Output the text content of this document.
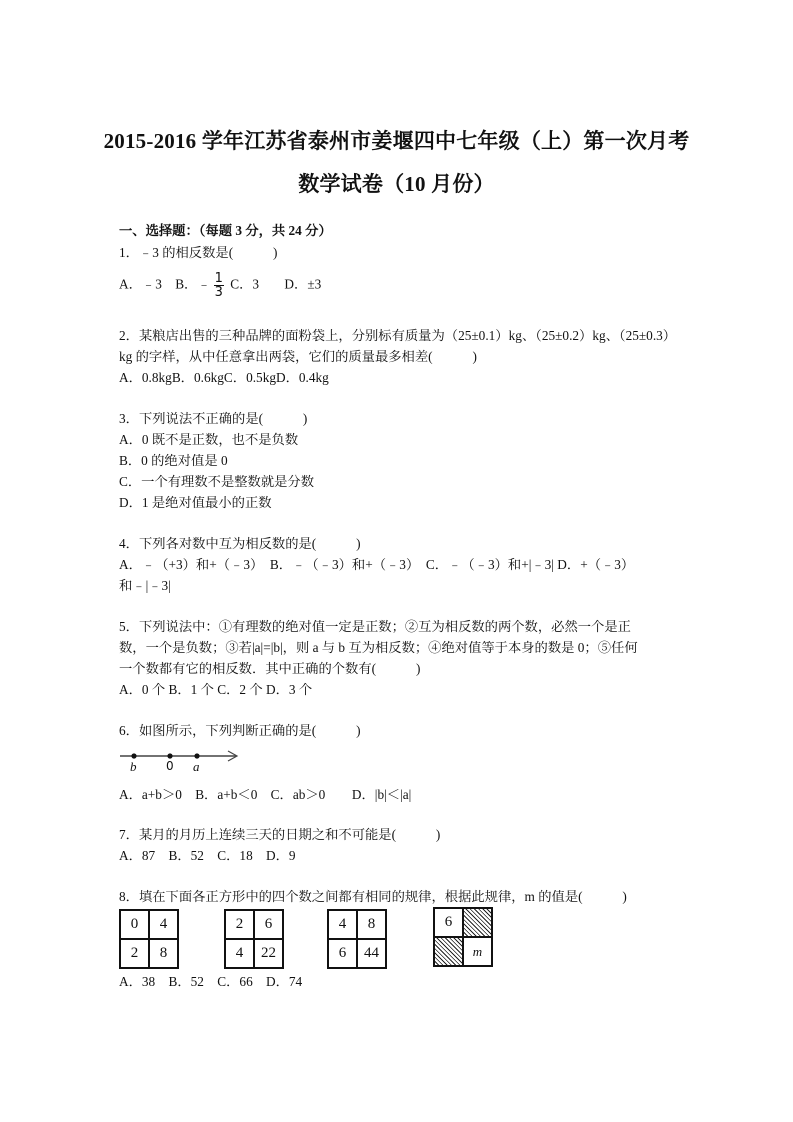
2015-2016 学年江苏省泰州市姜堰四中七年级（上）第一次月考
数学试卷（10 月份）
一、选择题：（每题 3 分，共 24 分）
1．﹣3 的相反数是(　　　)
A．﹣3 B．﹣ $\frac{1}{3}$ C．3 D．±3
2．某粮店出售的三种品牌的面粉袋上，分别标有质量为（25±0.1）kg、（25±0.2）kg、（25±0.3）
kg 的字样，从中任意拿出两袋，它们的质量最多相差(　　　)
A．0.8kgB．0.6kgC．0.5kgD．0.4kg
3．下列说法不正确的是(　　　)
A．0 既不是正数，也不是负数
B．0 的绝对值是 0
C．一个有理数不是整数就是分数
D．1 是绝对值最小的正数
4．下列各对数中互为相反数的是(　　　)
A．﹣（+3）和+（﹣3）　B．﹣（﹣3）和+（﹣3）　C．﹣（﹣3）和+|﹣3| D．+（﹣3）
和﹣|﹣3|
5．下列说法中：①有理数的绝对值一定是正数；②互为相反数的两个数，必然一个是正
数，一个是负数；③若|a|=|b|，则 a 与 b 互为相反数；④绝对值等于本身的数是 0；⑤任何
一个数都有它的相反数．其中正确的个数有(　　　)
A．0 个 B．1 个 C．2 个 D．3 个
6．如图所示，下列判断正确的是(　　　)
b 0 a
A．a+b＞0　B．a+b＜0　C．ab＞0　　D．|b|＜|a|
7．某月的月历上连续三天的日期之和不可能是(　　　)
A．87　B．52　C．18　D．9
8．填在下面各正方形中的四个数之间都有相同的规律，根据此规律，m 的值是(　　　)
0	4
2	8
2	6
4	22
4	8
6	44
6
m
A．38　B．52　C．66　D．74
